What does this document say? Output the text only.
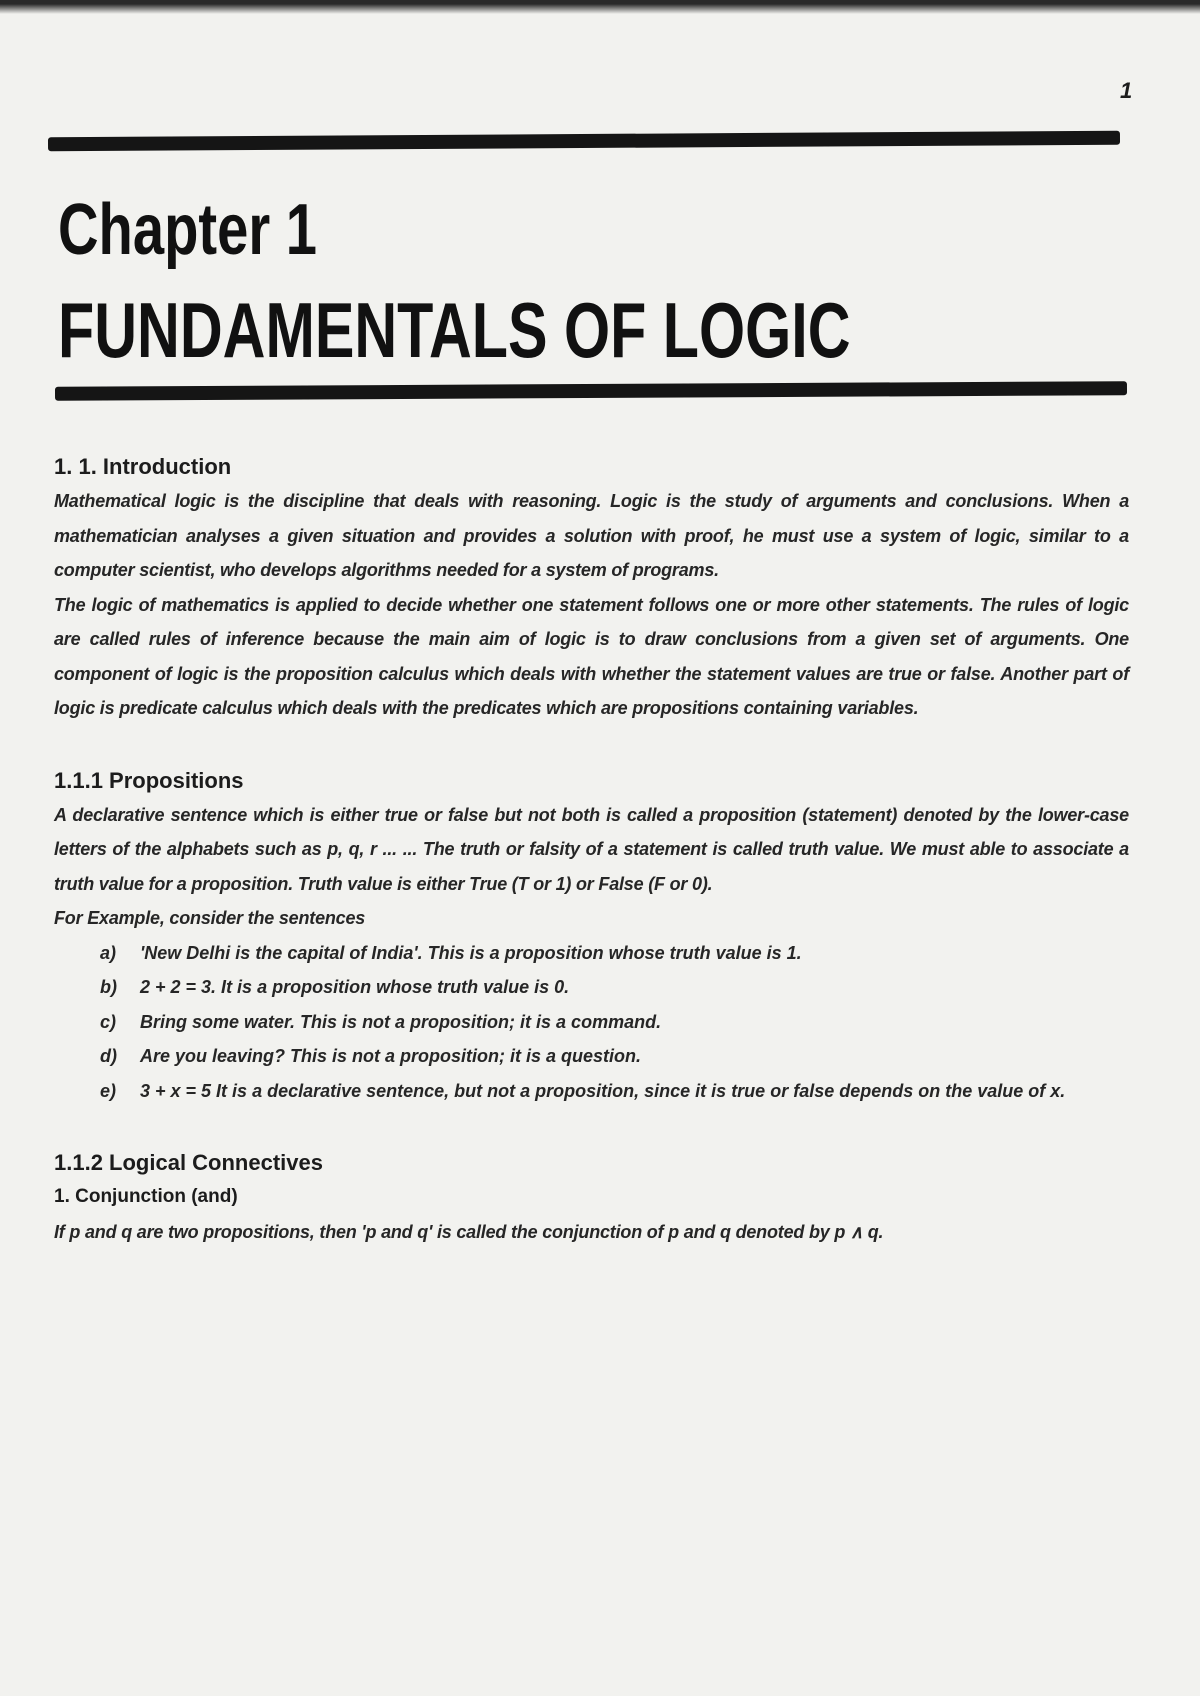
1
Chapter 1
FUNDAMENTALS OF LOGIC
1. 1. Introduction

Mathematical logic is the discipline that deals with reasoning. Logic is the study of arguments and conclusions. When a mathematician analyses a given situation and provides a solution with proof, he must use a system of logic, similar to a computer scientist, who develops algorithms needed for a system of programs.

The logic of mathematics is applied to decide whether one statement follows one or more other statements. The rules of logic are called rules of inference because the main aim of logic is to draw conclusions from a given set of arguments. One component of logic is the proposition calculus which deals with whether the statement values are true or false. Another part of logic is predicate calculus which deals with the predicates which are propositions containing variables.

1.1.1 Propositions

A declarative sentence which is either true or false but not both is called a proposition (statement) denoted by the lower-case letters of the alphabets such as p, q, r ... ... The truth or falsity of a statement is called truth value. We must able to associate a truth value for a proposition. Truth value is either True (T or 1) or False (F or 0).

For Example, consider the sentences

a)	'New Delhi is the capital of India'. This is a proposition whose truth value is 1.
b)	2 + 2 = 3. It is a proposition whose truth value is 0.
c)	Bring some water. This is not a proposition; it is a command.
d)	Are you leaving? This is not a proposition; it is a question.
e)	3 + x = 5 It is a declarative sentence, but not a proposition, since it is true or false depends on the value of x.
1.1.2 Logical Connectives
1. Conjunction (and)

If p and q are two propositions, then 'p and q' is called the conjunction of p and q denoted by p ∧ q.
